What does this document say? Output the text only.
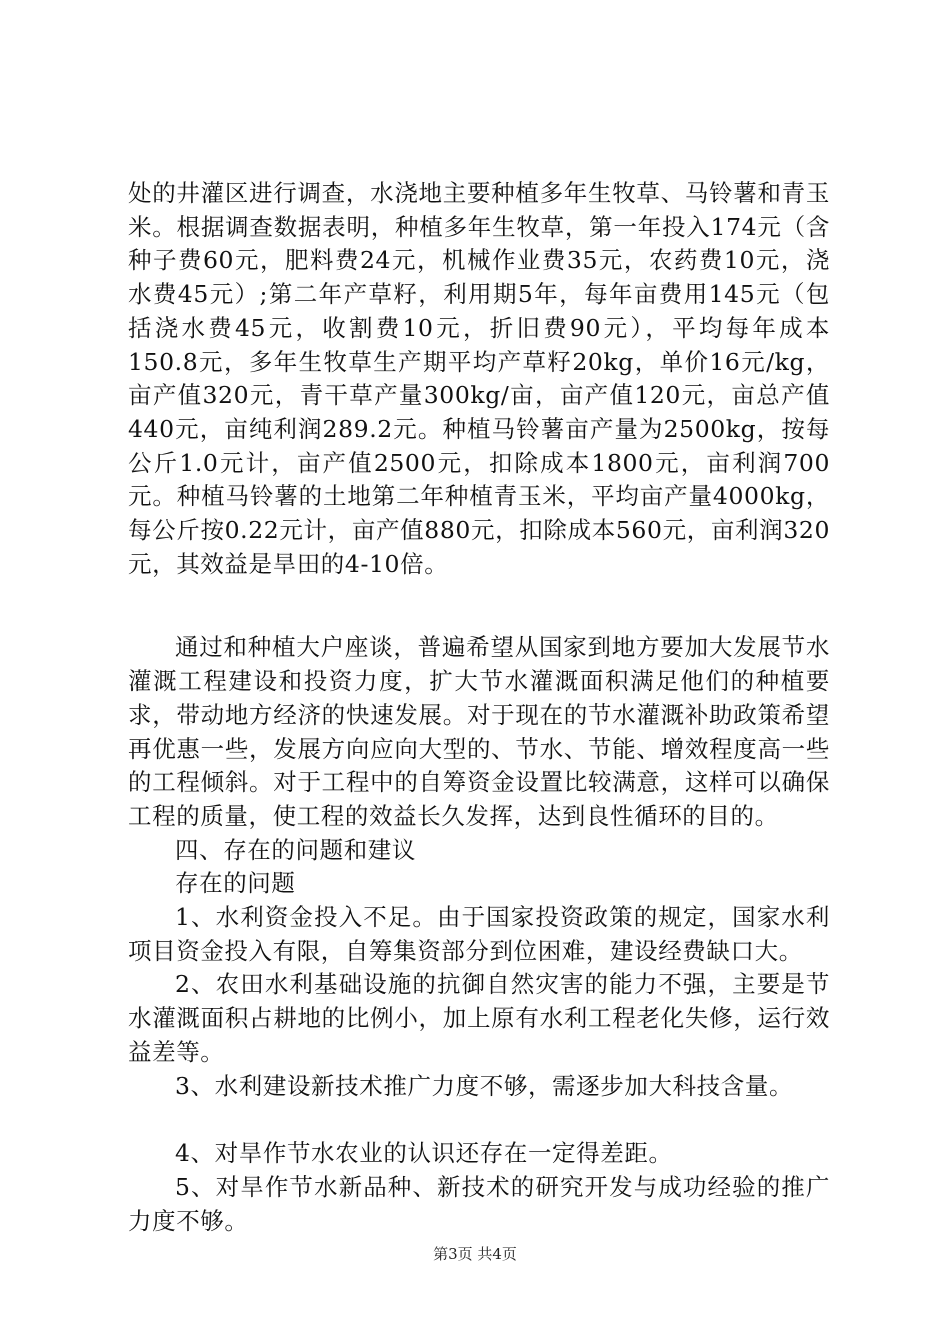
处的井灌区进行调查，水浇地主要种植多年生牧草、马铃薯和青玉米。根据调查数据表明，种植多年生牧草，第一年投入174元（含种子费60元，肥料费24元，机械作业费35元，农药费10元，浇水费45元）;第二年产草籽，利用期5年，每年亩费用145元（包括浇水费45元，收割费10元，折旧费90元），平均每年成本150.8元，多年生牧草生产期平均产草籽20kg，单价16元/kg，亩产值320元，青干草产量300kg/亩，亩产值120元，亩总产值440元，亩纯利润289.2元。种植马铃薯亩产量为2500kg，按每公斤1.0元计，亩产值2500元，扣除成本1800元，亩利润700元。种植马铃薯的土地第二年种植青玉米，平均亩产量4000kg，每公斤按0.22元计，亩产值880元，扣除成本560元，亩利润320元，其效益是旱田的4-10倍。

通过和种植大户座谈，普遍希望从国家到地方要加大发展节水灌溉工程建设和投资力度，扩大节水灌溉面积满足他们的种植要求，带动地方经济的快速发展。对于现在的节水灌溉补助政策希望再优惠一些，发展方向应向大型的、节水、节能、增效程度高一些的工程倾斜。对于工程中的自筹资金设置比较满意，这样可以确保工程的质量，使工程的效益长久发挥，达到良性循环的目的。

四、存在的问题和建议

存在的问题

1、水利资金投入不足。由于国家投资政策的规定，国家水利项目资金投入有限，自筹集资部分到位困难，建设经费缺口大。

2、农田水利基础设施的抗御自然灾害的能力不强，主要是节水灌溉面积占耕地的比例小，加上原有水利工程老化失修，运行效益差等。

3、水利建设新技术推广力度不够，需逐步加大科技含量。

4、对旱作节水农业的认识还存在一定得差距。

5、对旱作节水新品种、新技术的研究开发与成功经验的推广力度不够。

第3页 共4页
